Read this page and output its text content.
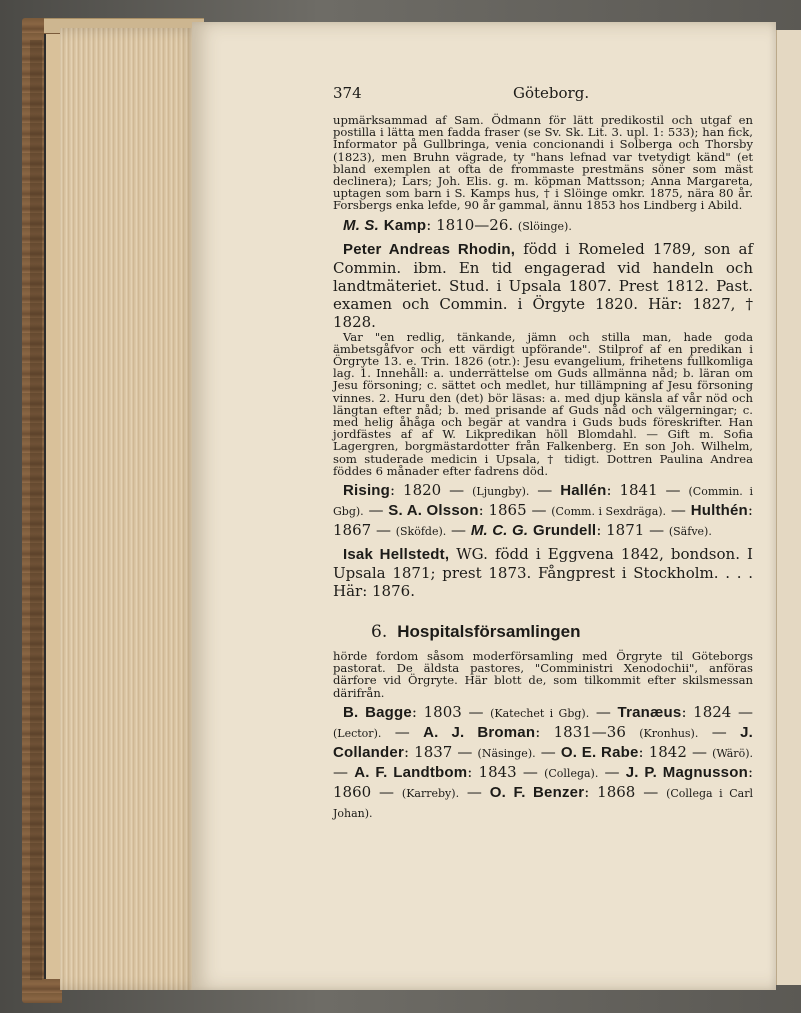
374	Göteborg.

upmärksammad af Sam. Ödmann för lätt predikostil och utgaf en postilla i lätta men fadda fraser (se Sv. Sk. Lit. 3. upl. 1: 533); han fick, Informator på Gullbringa, venia concionandi i Solberga och Thorsby (1823), men Bruhn vägrade, ty "hans lefnad var tvetydigt känd" (et bland exemplen at ofta de frommaste prestmäns söner som mäst declinera); Lars; Joh. Elis. g. m. köpman Mattsson; Anna Margareta, uptagen som barn i S. Kamps hus, † i Slöinge omkr. 1875, nära 80 år. Forsbergs enka lefde, 90 år gammal, ännu 1853 hos Lindberg i Abild.

M. S. Kamp: 1810—26. (Slöinge).

Peter Andreas Rhodin, född i Romeled 1789, son af Commin. ibm. En tid engagerad vid handeln och landtmäteriet. Stud. i Upsala 1807. Prest 1812. Past. examen och Commin. i Örgyte 1820. Här: 1827, † 1828.

Var "en redlig, tänkande, jämn och stilla man, hade goda ämbetsgåfvor och ett värdigt upförande". Stilprof af en predikan i Örgryte 13. e. Trin. 1826 (otr.): Jesu evangelium, frihetens fullkomliga lag. 1. Innehåll: a. underrättelse om Guds allmänna nåd; b. läran om Jesu försoning; c. sättet och medlet, hur tillämpning af Jesu försoning vinnes. 2. Huru den (det) bör läsas: a. med djup känsla af vår nöd och längtan efter nåd; b. med prisande af Guds nåd och välgerningar; c. med helig åhåga och begär at vandra i Guds buds föreskrifter. Han jordfästes af af W. Likpredikan höll Blomdahl. — Gift m. Sofia Lagergren, borgmästardotter från Falkenberg. En son Joh. Wilhelm, som studerade medicin i Upsala, † tidigt. Dottren Paulina Andrea föddes 6 månader efter fadrens död.

Rising: 1820 — (Ljungby). — Hallén: 1841 — (Commin. i Gbg). — S. A. Olsson: 1865 — (Comm. i Sexdräga). — Hulthén: 1867 — (Sköfde). — M. C. G. Grundell: 1871 — (Säfve).

Isak Hellstedt, WG. född i Eggvena 1842, bondson. I Upsala 1871; prest 1873. Fångprest i Stockholm. . . . Här: 1876.

6. Hospitalsförsamlingen

hörde fordom såsom moderförsamling med Örgryte til Göteborgs pastorat. De äldsta pastores, "Comministri Xenodochii", anföras därfore vid Örgryte. Här blott de, som tilkommit efter skilsmessan därifrån.

B. Bagge: 1803 — (Katechet i Gbg). — Tranæus: 1824 — (Lector). — A. J. Broman: 1831—36 (Kronhus). — J. Collander: 1837 — (Näsinge). — O. E. Rabe: 1842 — (Wärö). — A. F. Landtbom: 1843 — (Collega). — J. P. Magnusson: 1860 — (Karreby). — O. F. Benzer: 1868 — (Collega i Carl Johan).
